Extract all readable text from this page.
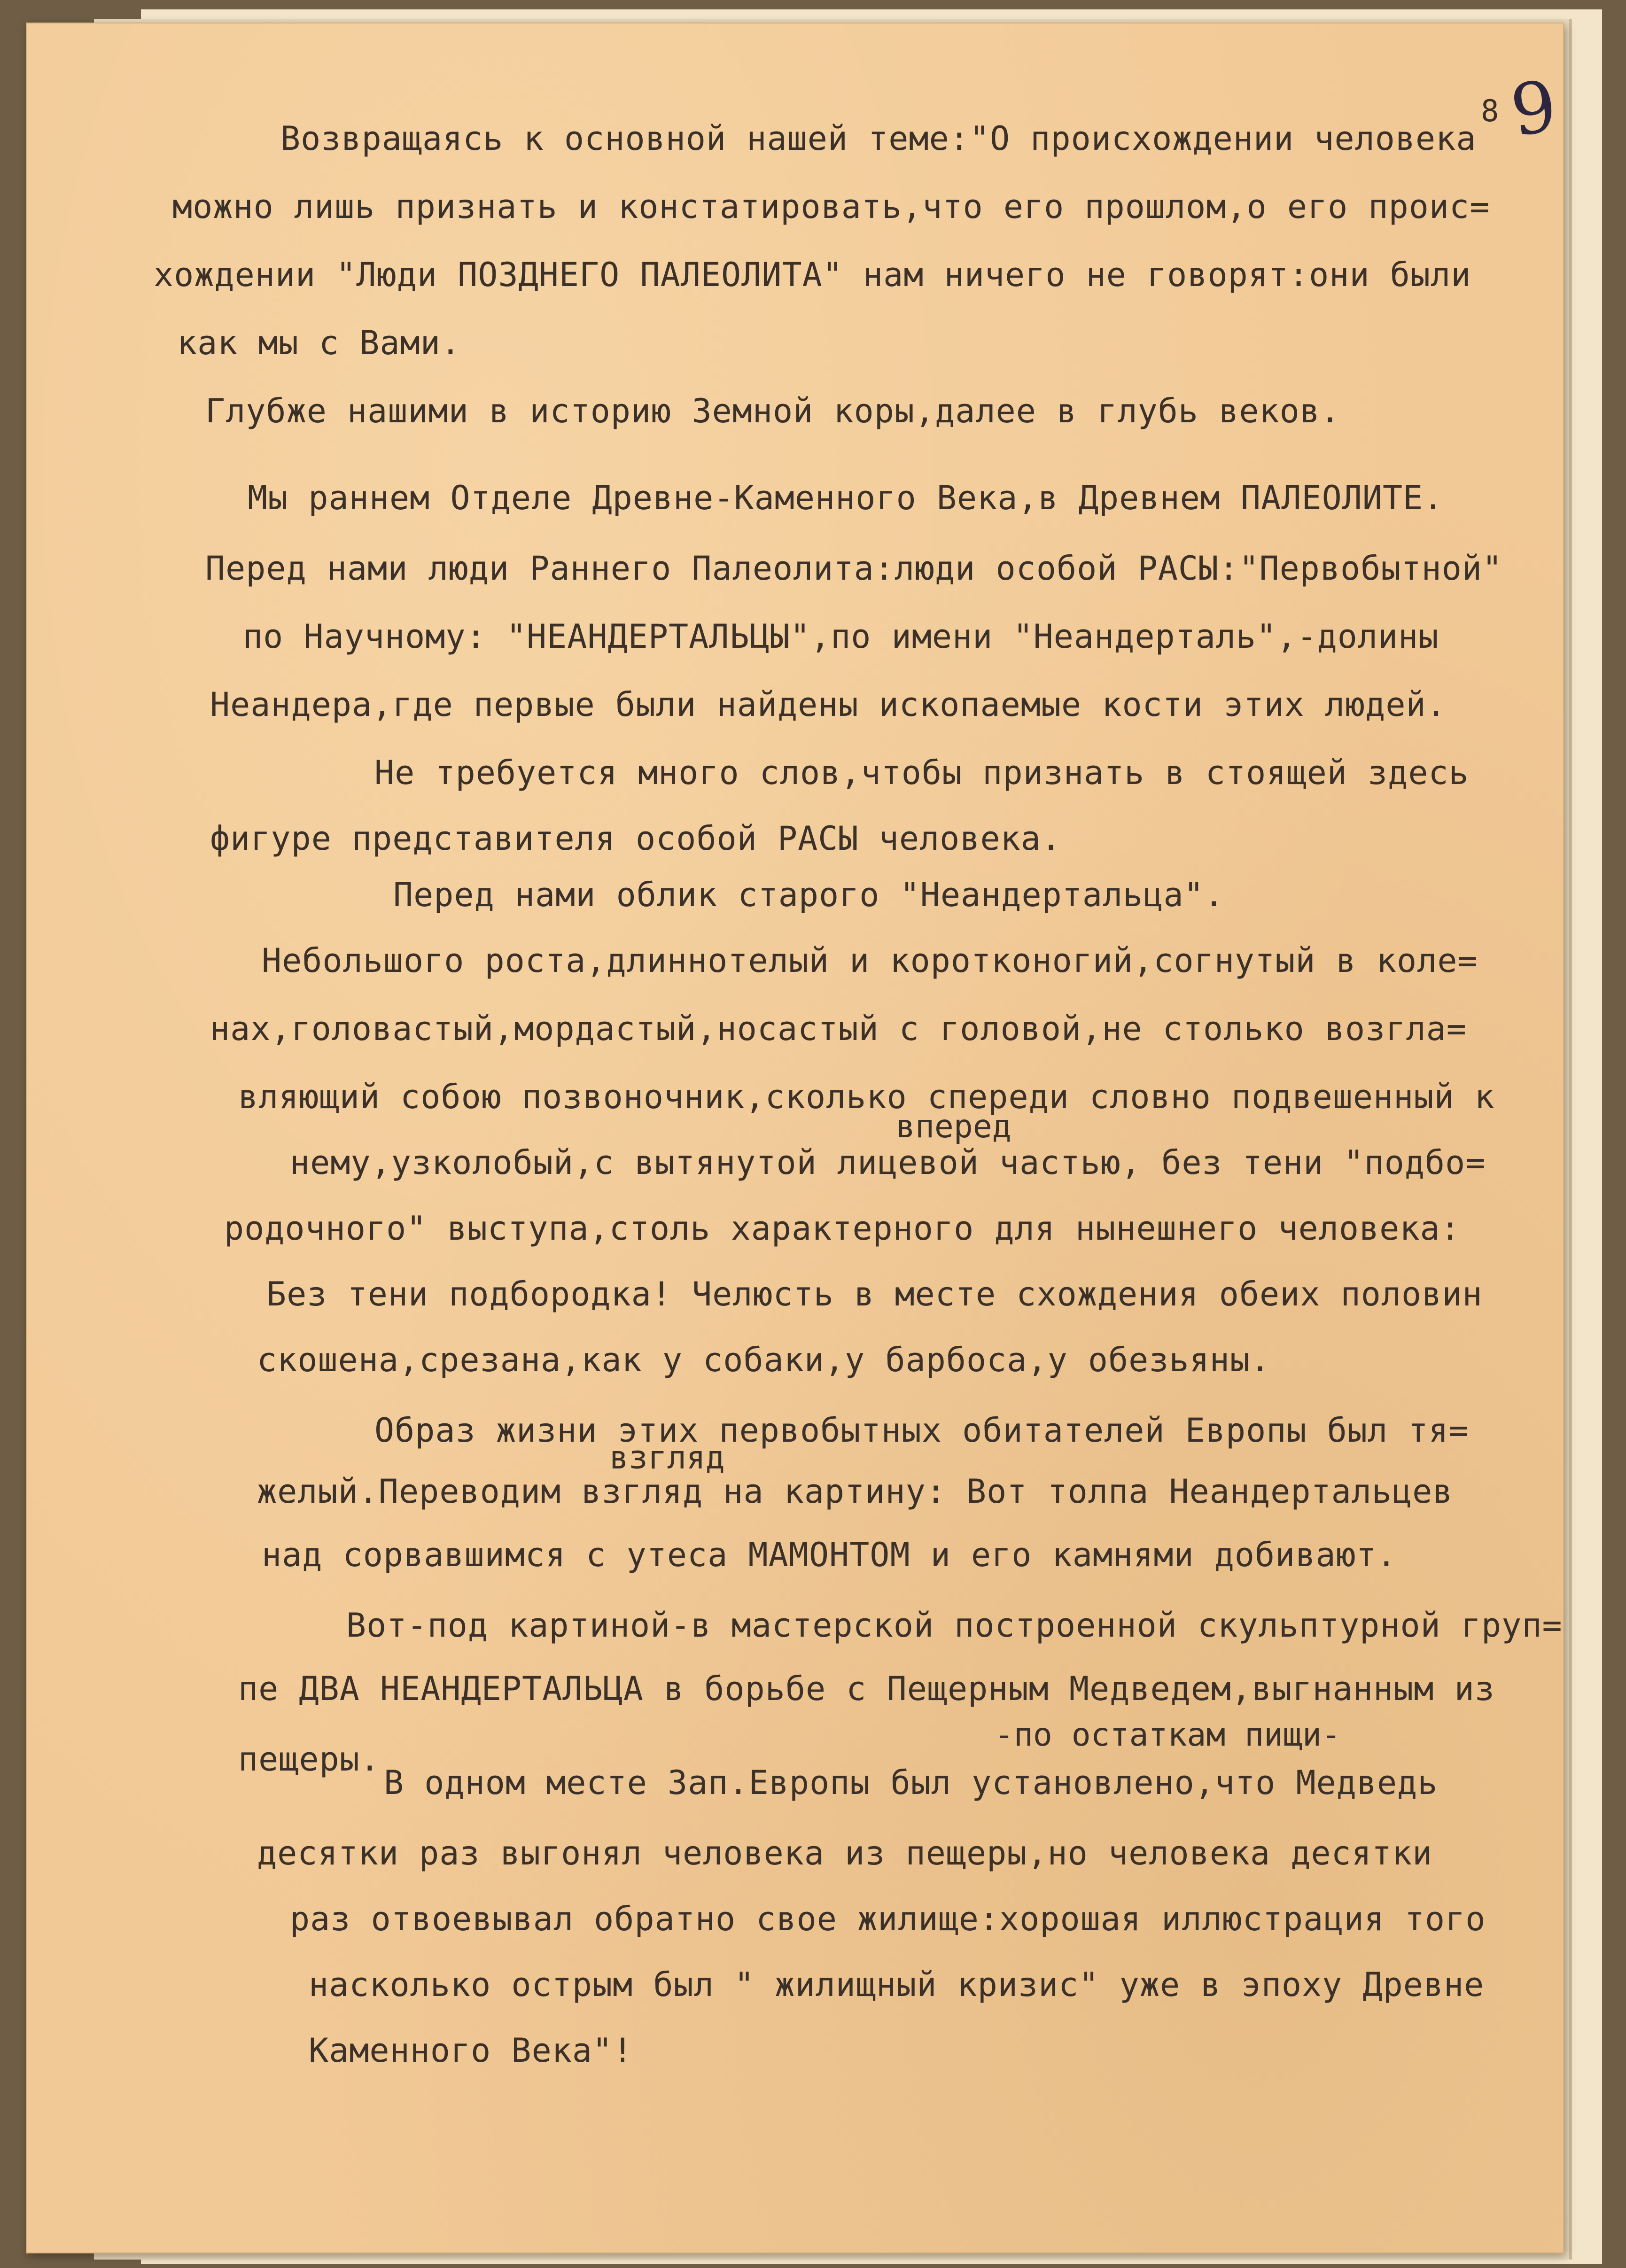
8 9
Возвращаясь к основной нашей теме:"О происхождении человека
можно лишь признать и констатировать,что его прошлом,о его проис=
хождении "Люди ПОЗДНЕГО ПАЛЕОЛИТА" нам ничего не говорят:они были
как мы с Вами.
Глубже нашими в историю Земной коры,далее в глубь веков.
Мы раннем Отделе Древне-Каменного Века,в Древнем ПАЛЕОЛИТЕ.
Перед нами люди Раннего Палеолита:люди особой РАСЫ:"Первобытной"
по Научному: "НЕАНДЕРТАЛЬЦЫ",по имени "Неандерталь",-долины
Неандера,где первые были найдены ископаемые кости этих людей.
Не требуется много слов,чтобы признать в стоящей здесь
фигуре представителя особой РАСЫ человека.
Перед нами облик старого "Неандертальца".
Небольшого роста,длиннотелый и коротконогий,согнутый в коле=
нах,головастый,мордастый,носастый с головой,не столько возгла=
вляющий собою позвоночник,сколько спереди словно подвешенный к
вперед
нему,узколобый,с вытянутой лицевой частью, без тени "подбо=
родочного" выступа,столь характерного для нынешнего человека:
Без тени подбородка! Челюсть в месте схождения обеих половин
скошена,срезана,как у собаки,у барбоса,у обезьяны.
Образ жизни этих первобытных обитателей Европы был тя=
взгляд
желый.Переводим взгляд на картину: Вот толпа Неандертальцев
над сорвавшимся с утеса МАМОНТОМ и его камнями добивают.
Вот-под картиной-в мастерской построенной скульптурной груп=
пе ДВА НЕАНДЕРТАЛЬЦА в борьбе с Пещерным Медведем,выгнанным из
-по остаткам пищи-
пещеры.
В одном месте Зап.Европы был установлено,что Медведь
десятки раз выгонял человека из пещеры,но человека десятки
раз отвоевывал обратно свое жилище:хорошая иллюстрация того
насколько острым был " жилищный кризис" уже в эпоху Древне
Каменного Века"!
